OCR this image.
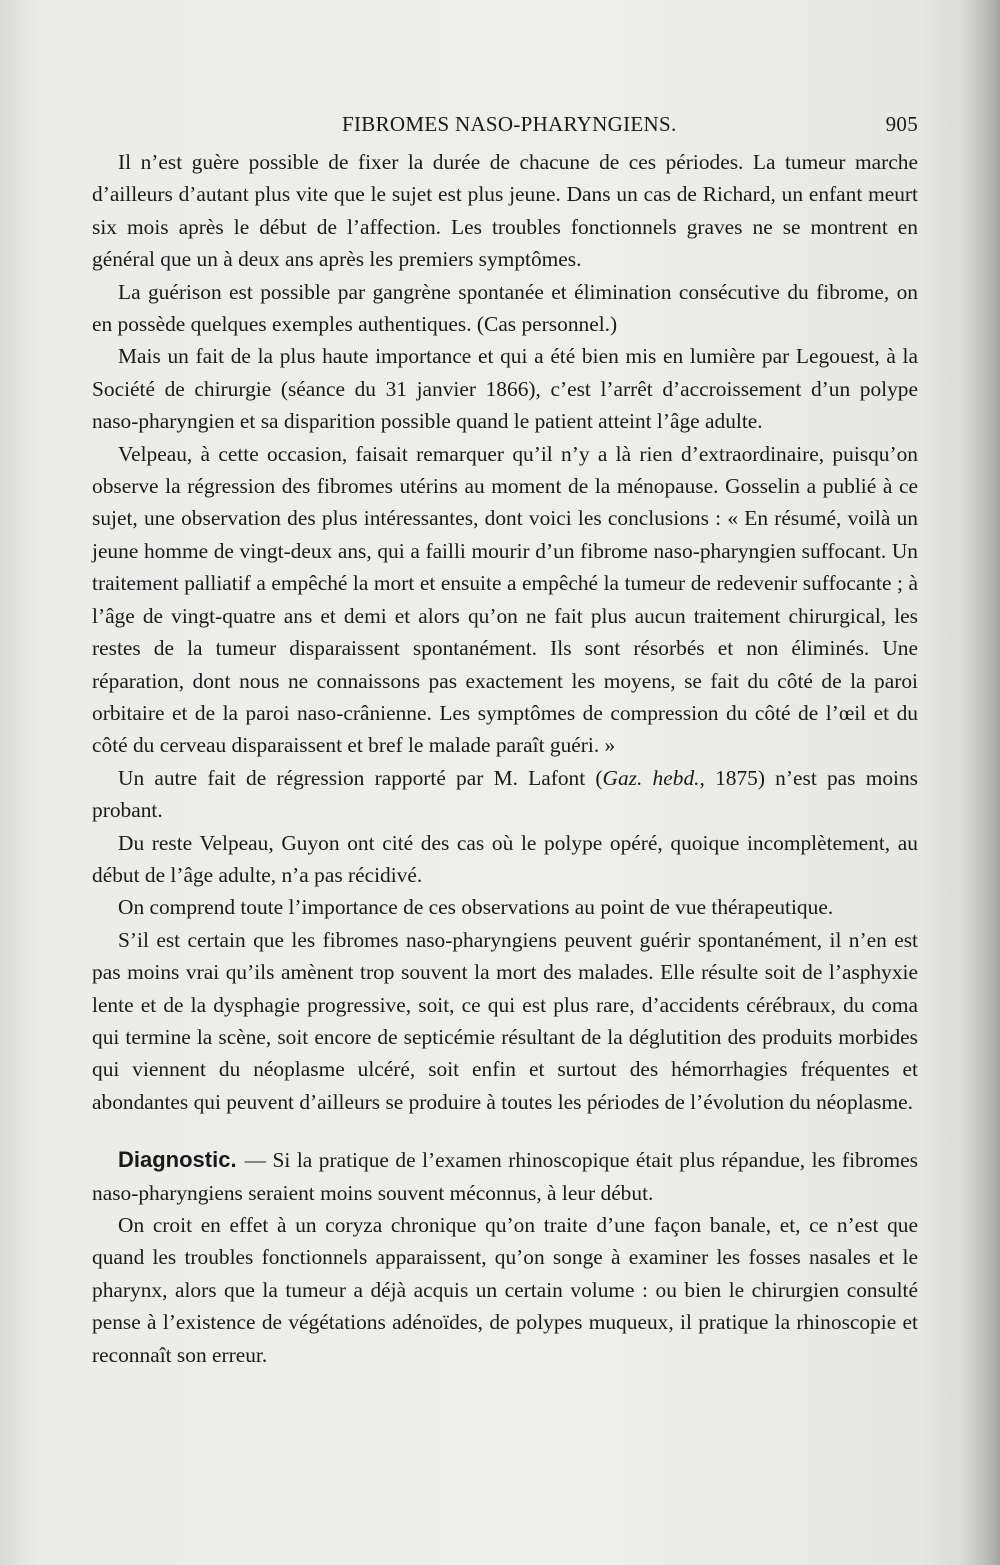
FIBROMES NASO-PHARYNGIENS.	905

Il n’est guère possible de fixer la durée de chacune de ces périodes. La tumeur marche d’ailleurs d’autant plus vite que le sujet est plus jeune. Dans un cas de Richard, un enfant meurt six mois après le début de l’affection. Les troubles fonctionnels graves ne se montrent en général que un à deux ans après les premiers symptômes.

La guérison est possible par gangrène spontanée et élimination consécutive du fibrome, on en possède quelques exemples authentiques. (Cas personnel.)

Mais un fait de la plus haute importance et qui a été bien mis en lumière par Legouest, à la Société de chirurgie (séance du 31 janvier 1866), c’est l’arrêt d’accroissement d’un polype naso-pharyngien et sa disparition possible quand le patient atteint l’âge adulte.

Velpeau, à cette occasion, faisait remarquer qu’il n’y a là rien d’extraordinaire, puisqu’on observe la régression des fibromes utérins au moment de la ménopause. Gosselin a publié à ce sujet, une observation des plus intéressantes, dont voici les conclusions : « En résumé, voilà un jeune homme de vingt-deux ans, qui a failli mourir d’un fibrome naso-pharyngien suffocant. Un traitement palliatif a empêché la mort et ensuite a empêché la tumeur de redevenir suffocante ; à l’âge de vingt-quatre ans et demi et alors qu’on ne fait plus aucun traitement chirurgical, les restes de la tumeur disparaissent spontanément. Ils sont résorbés et non éliminés. Une réparation, dont nous ne connaissons pas exactement les moyens, se fait du côté de la paroi orbitaire et de la paroi naso-crânienne. Les symptômes de compression du côté de l’œil et du côté du cerveau disparaissent et bref le malade paraît guéri. »

Un autre fait de régression rapporté par M. Lafont (Gaz. hebd., 1875) n’est pas moins probant.

Du reste Velpeau, Guyon ont cité des cas où le polype opéré, quoique incomplètement, au début de l’âge adulte, n’a pas récidivé.

On comprend toute l’importance de ces observations au point de vue thérapeutique.

S’il est certain que les fibromes naso-pharyngiens peuvent guérir spontanément, il n’en est pas moins vrai qu’ils amènent trop souvent la mort des malades. Elle résulte soit de l’asphyxie lente et de la dysphagie progressive, soit, ce qui est plus rare, d’accidents cérébraux, du coma qui termine la scène, soit encore de septicémie résultant de la déglutition des produits morbides qui viennent du néoplasme ulcéré, soit enfin et surtout des hémorrhagies fréquentes et abondantes qui peuvent d’ailleurs se produire à toutes les périodes de l’évolution du néoplasme.

Diagnostic. — Si la pratique de l’examen rhinoscopique était plus répandue, les fibromes naso-pharyngiens seraient moins souvent méconnus, à leur début.

On croit en effet à un coryza chronique qu’on traite d’une façon banale, et, ce n’est que quand les troubles fonctionnels apparaissent, qu’on songe à examiner les fosses nasales et le pharynx, alors que la tumeur a déjà acquis un certain volume : ou bien le chirurgien consulté pense à l’existence de végétations adénoïdes, de polypes muqueux, il pratique la rhinoscopie et reconnaît son erreur.
